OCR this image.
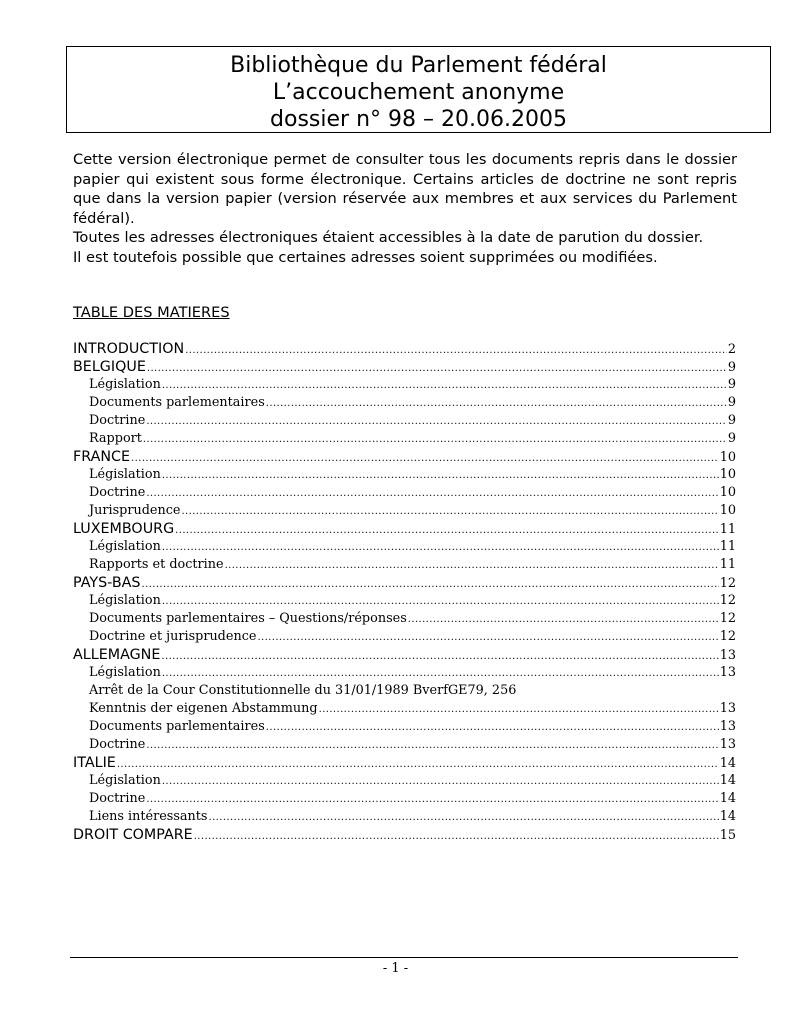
Bibliothèque du Parlement fédéral
L’accouchement anonyme
dossier n° 98 – 20.06.2005

Cette version électronique permet de consulter tous les documents repris dans le dossier papier qui existent sous forme électronique. Certains articles de doctrine ne sont repris que dans la version papier (version réservée aux membres et aux services du Parlement fédéral).

Toutes les adresses électroniques étaient accessibles à la date de parution du dossier.

Il est toutefois possible que certaines adresses soient supprimées ou modifiées.

TABLE DES MATIERES
INTRODUCTION .....	2
BELGIQUE .....	9
Législation .....	9
Documents parlementaires .....	9
Doctrine .....	9
Rapport .....	9
FRANCE .....	10
Législation .....	10
Doctrine .....	10
Jurisprudence .....	10
LUXEMBOURG .....	11
Législation .....	11
Rapports et doctrine .....	11
PAYS-BAS .....	12
Législation .....	12
Documents parlementaires – Questions/réponses .....	12
Doctrine et jurisprudence .....	12
ALLEMAGNE .....	13
Législation .....	13
Arrêt de la Cour Constitutionnelle du 31/01/1989 BverfGE79, 256
Kenntnis der eigenen Abstammung .....	13
Documents parlementaires .....	13
Doctrine .....	13
ITALIE .....	14
Législation .....	14
Doctrine .....	14
Liens intéressants .....	14
DROIT COMPARE .....	15
- 1 -
